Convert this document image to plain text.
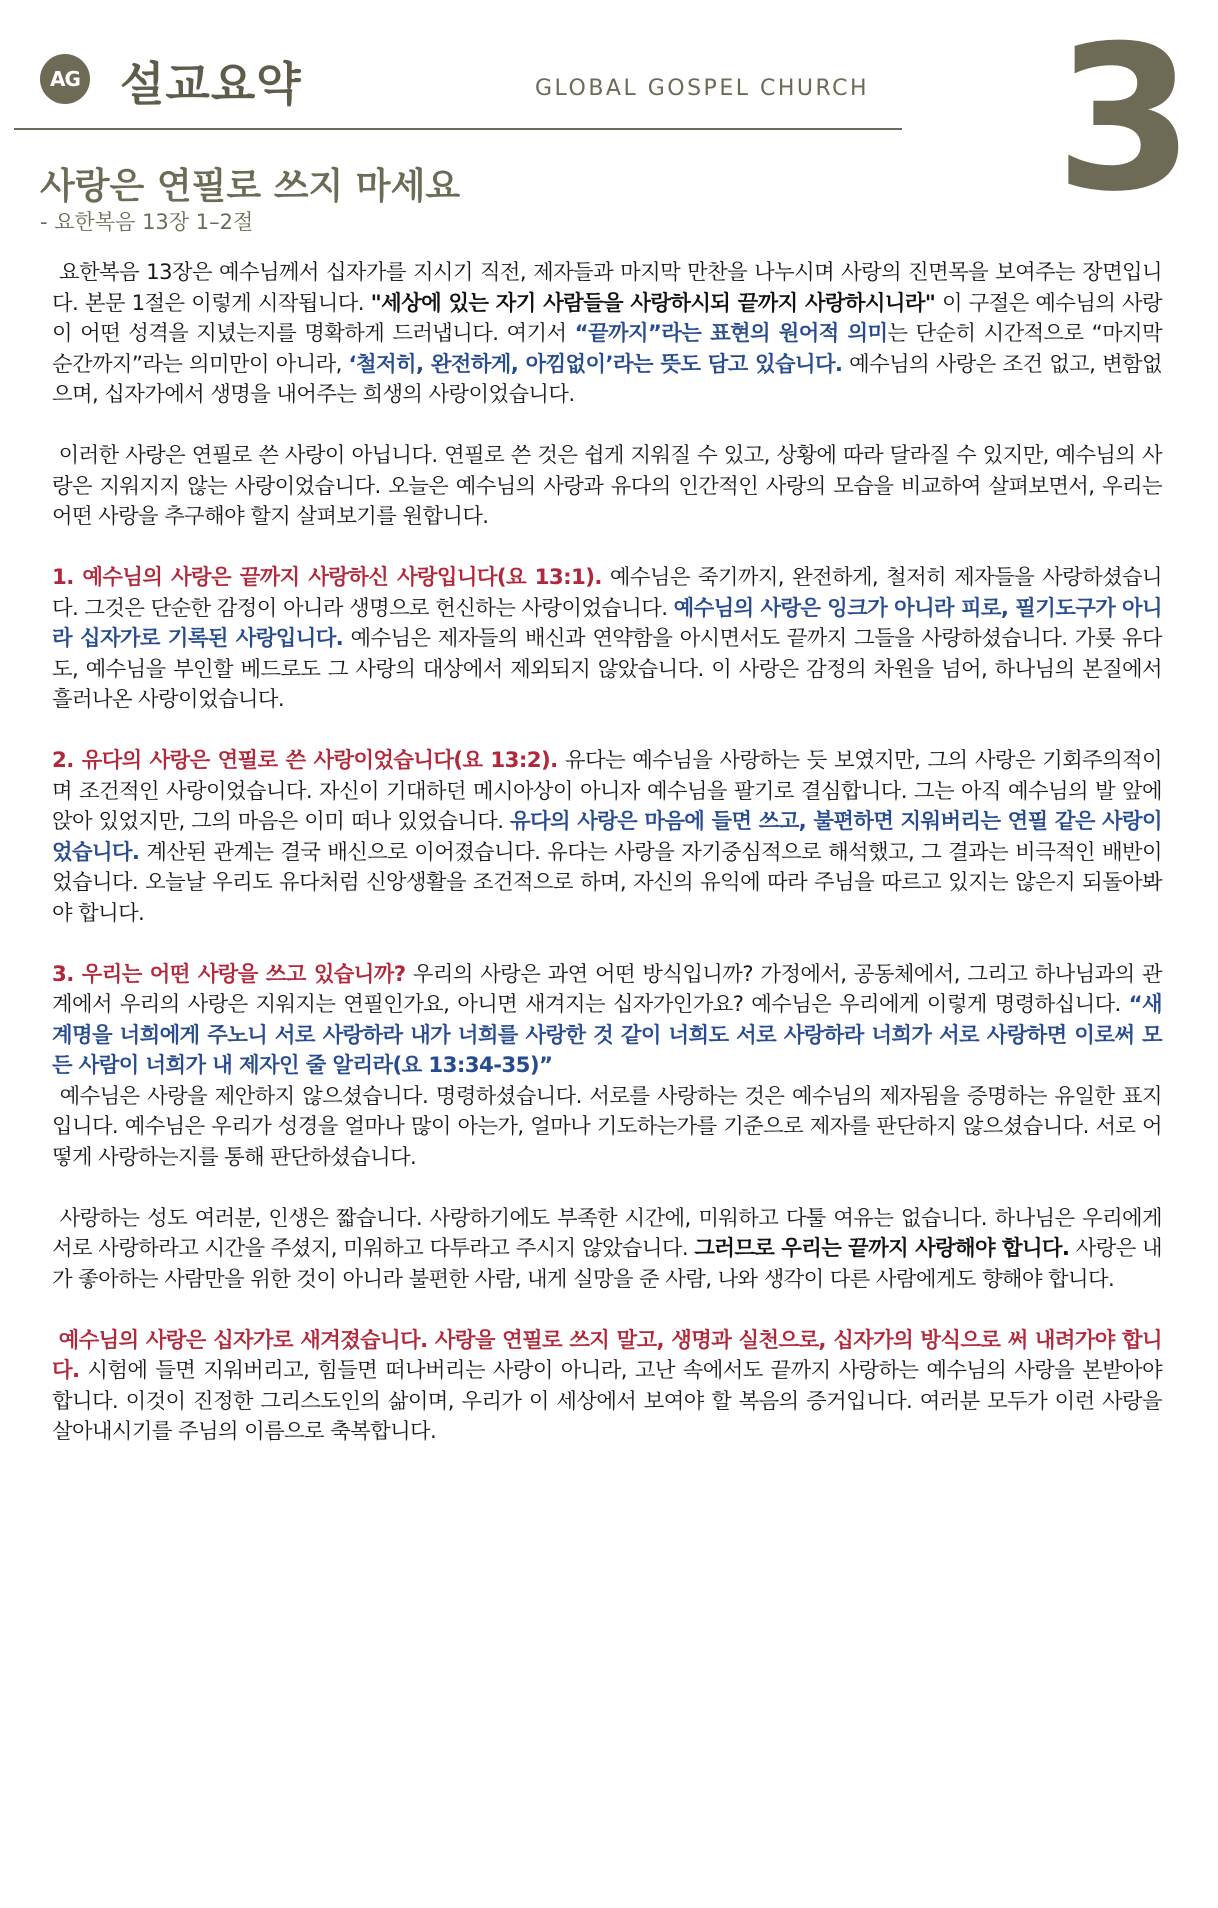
AG 설교요약	GLOBAL GOSPEL CHURCH 3
사랑은 연필로 쓰지 마세요
- 요한복음 13장 1–2절

요한복음 13장은 예수님께서 십자가를 지시기 직전, 제자들과 마지막 만찬을 나누시며 사랑의 진면목을 보여주는 장면입니다. 본문 1절은 이렇게 시작됩니다. "세상에 있는 자기 사람들을 사랑하시되 끝까지 사랑하시니라" 이 구절은 예수님의 사랑이 어떤 성격을 지녔는지를 명확하게 드러냅니다. 여기서 “끝까지”라는 표현의 원어적 의미는 단순히 시간적으로 “마지막 순간까지”라는 의미만이 아니라, ‘철저히, 완전하게, 아낌없이’라는 뜻도 담고 있습니다. 예수님의 사랑은 조건 없고, 변함없으며, 십자가에서 생명을 내어주는 희생의 사랑이었습니다.

이러한 사랑은 연필로 쓴 사랑이 아닙니다. 연필로 쓴 것은 쉽게 지워질 수 있고, 상황에 따라 달라질 수 있지만, 예수님의 사랑은 지워지지 않는 사랑이었습니다. 오늘은 예수님의 사랑과 유다의 인간적인 사랑의 모습을 비교하여 살펴보면서, 우리는 어떤 사랑을 추구해야 할지 살펴보기를 원합니다.

1. 예수님의 사랑은 끝까지 사랑하신 사랑입니다(요 13:1). 예수님은 죽기까지, 완전하게, 철저히 제자들을 사랑하셨습니다. 그것은 단순한 감정이 아니라 생명으로 헌신하는 사랑이었습니다. 예수님의 사랑은 잉크가 아니라 피로, 필기도구가 아니라 십자가로 기록된 사랑입니다. 예수님은 제자들의 배신과 연약함을 아시면서도 끝까지 그들을 사랑하셨습니다. 가룟 유다도, 예수님을 부인할 베드로도 그 사랑의 대상에서 제외되지 않았습니다. 이 사랑은 감정의 차원을 넘어, 하나님의 본질에서 흘러나온 사랑이었습니다.

2. 유다의 사랑은 연필로 쓴 사랑이었습니다(요 13:2). 유다는 예수님을 사랑하는 듯 보였지만, 그의 사랑은 기회주의적이며 조건적인 사랑이었습니다. 자신이 기대하던 메시아상이 아니자 예수님을 팔기로 결심합니다. 그는 아직 예수님의 발 앞에 앉아 있었지만, 그의 마음은 이미 떠나 있었습니다. 유다의 사랑은 마음에 들면 쓰고, 불편하면 지워버리는 연필 같은 사랑이었습니다. 계산된 관계는 결국 배신으로 이어졌습니다. 유다는 사랑을 자기중심적으로 해석했고, 그 결과는 비극적인 배반이었습니다. 오늘날 우리도 유다처럼 신앙생활을 조건적으로 하며, 자신의 유익에 따라 주님을 따르고 있지는 않은지 되돌아봐야 합니다.

3. 우리는 어떤 사랑을 쓰고 있습니까? 우리의 사랑은 과연 어떤 방식입니까? 가정에서, 공동체에서, 그리고 하나님과의 관계에서 우리의 사랑은 지워지는 연필인가요, 아니면 새겨지는 십자가인가요? 예수님은 우리에게 이렇게 명령하십니다. “새 계명을 너희에게 주노니 서로 사랑하라 내가 너희를 사랑한 것 같이 너희도 서로 사랑하라 너희가 서로 사랑하면 이로써 모든 사람이 너희가 내 제자인 줄 알리라(요 13:34-35)”
예수님은 사랑을 제안하지 않으셨습니다. 명령하셨습니다. 서로를 사랑하는 것은 예수님의 제자됨을 증명하는 유일한 표지입니다. 예수님은 우리가 성경을 얼마나 많이 아는가, 얼마나 기도하는가를 기준으로 제자를 판단하지 않으셨습니다. 서로 어떻게 사랑하는지를 통해 판단하셨습니다.

사랑하는 성도 여러분, 인생은 짧습니다. 사랑하기에도 부족한 시간에, 미워하고 다툴 여유는 없습니다. 하나님은 우리에게 서로 사랑하라고 시간을 주셨지, 미워하고 다투라고 주시지 않았습니다. 그러므로 우리는 끝까지 사랑해야 합니다. 사랑은 내가 좋아하는 사람만을 위한 것이 아니라 불편한 사람, 내게 실망을 준 사람, 나와 생각이 다른 사람에게도 향해야 합니다.

예수님의 사랑은 십자가로 새겨졌습니다. 사랑을 연필로 쓰지 말고, 생명과 실천으로, 십자가의 방식으로 써 내려가야 합니다. 시험에 들면 지워버리고, 힘들면 떠나버리는 사랑이 아니라, 고난 속에서도 끝까지 사랑하는 예수님의 사랑을 본받아야 합니다. 이것이 진정한 그리스도인의 삶이며, 우리가 이 세상에서 보여야 할 복음의 증거입니다. 여러분 모두가 이런 사랑을 살아내시기를 주님의 이름으로 축복합니다.
